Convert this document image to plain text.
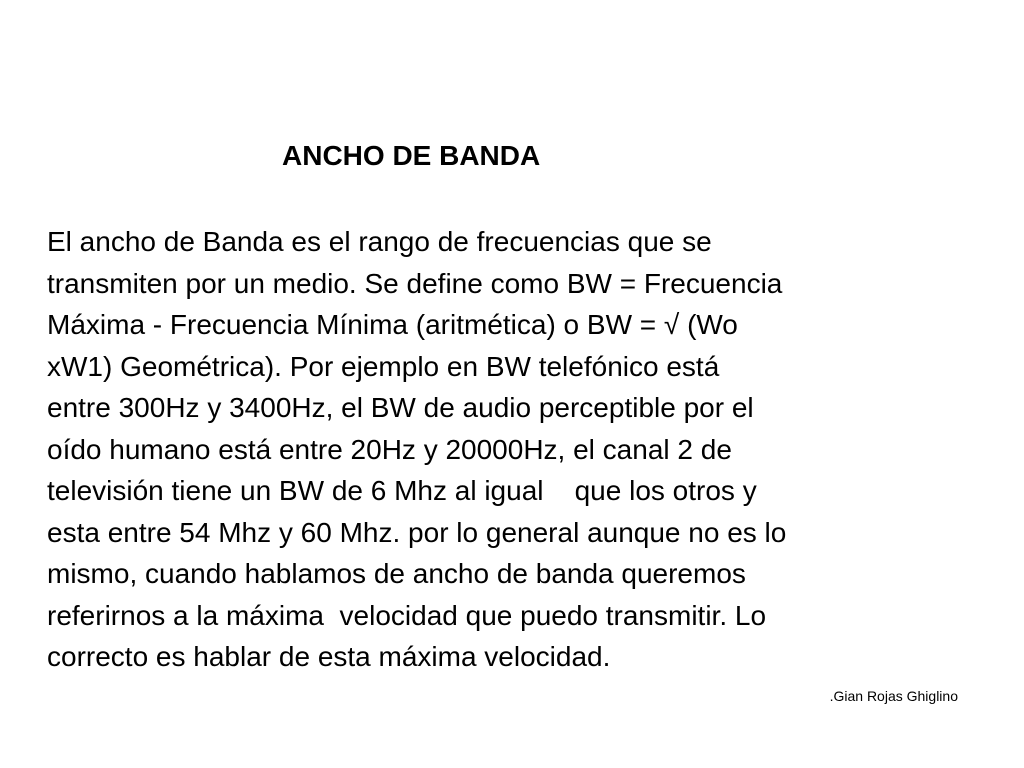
ANCHO DE BANDA
El ancho de Banda es el rango de frecuencias que se
transmiten por un medio. Se define como BW = Frecuencia
Máxima - Frecuencia Mínima (aritmética) o BW = √ (Wo
xW1) Geométrica). Por ejemplo en BW telefónico está
entre 300Hz y 3400Hz, el BW de audio perceptible por el
oído humano está entre 20Hz y 20000Hz, el canal 2 de
televisión tiene un BW de 6 Mhz al igual    que los otros y
esta entre 54 Mhz y 60 Mhz. por lo general aunque no es lo
mismo, cuando hablamos de ancho de banda queremos
referirnos a la máxima  velocidad que puedo transmitir. Lo
correcto es hablar de esta máxima velocidad.
.Gian Rojas Ghiglino
